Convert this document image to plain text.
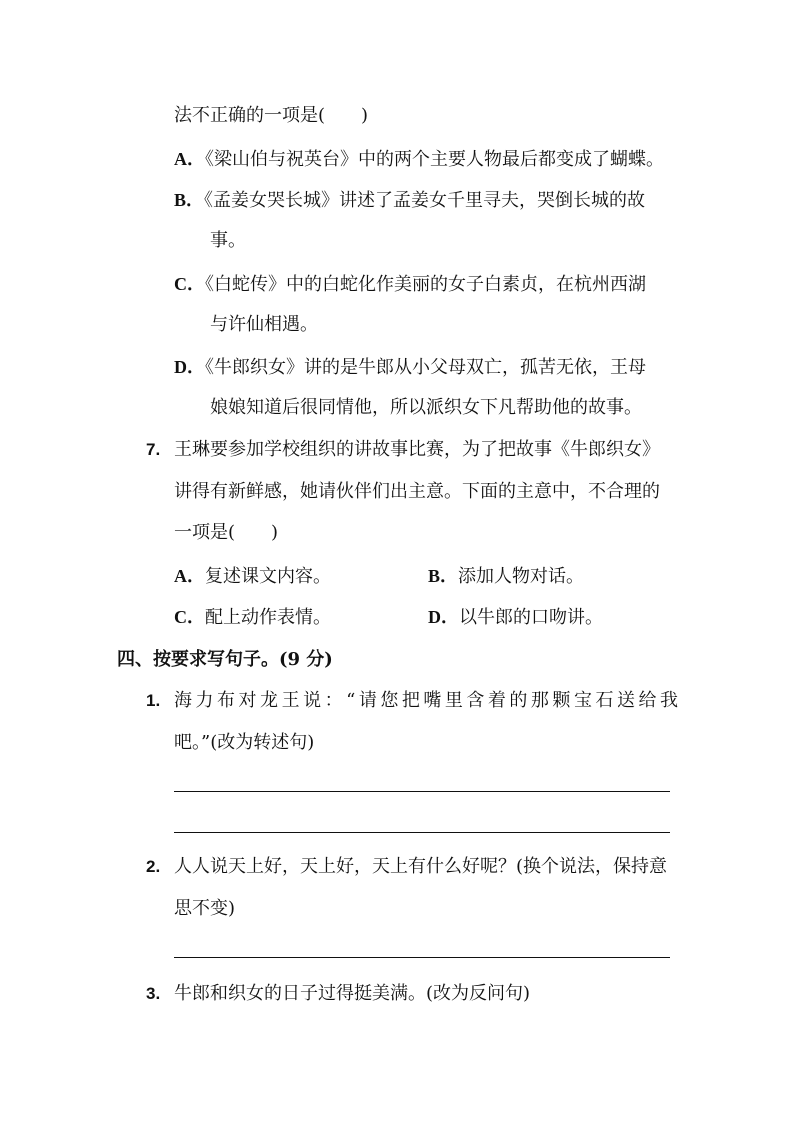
法不正确的一项是(　　)
A．《梁山伯与祝英台》中的两个主要人物最后都变成了蝴蝶。
B．《孟姜女哭长城》讲述了孟姜女千里寻夫，哭倒长城的故
事。
C．《白蛇传》中的白蛇化作美丽的女子白素贞，在杭州西湖
与许仙相遇。
D．《牛郎织女》讲的是牛郎从小父母双亡，孤苦无依，王母
娘娘知道后很同情他，所以派织女下凡帮助他的故事。
7. 王琳要参加学校组织的讲故事比赛，为了把故事《牛郎织女》
讲得有新鲜感，她请伙伴们出主意。下面的主意中，不合理的
一项是(　　)
A．复述课文内容。	B．添加人物对话。
C．配上动作表情。	D．以牛郎的口吻讲。
四、按要求写句子。(9 分)
1. 海力布对龙王说：“请您把嘴里含着的那颗宝石送给我
吧。”(改为转述句)
2. 人人说天上好，天上好，天上有什么好呢？(换个说法，保持意
思不变)
3. 牛郎和织女的日子过得挺美满。(改为反问句)
